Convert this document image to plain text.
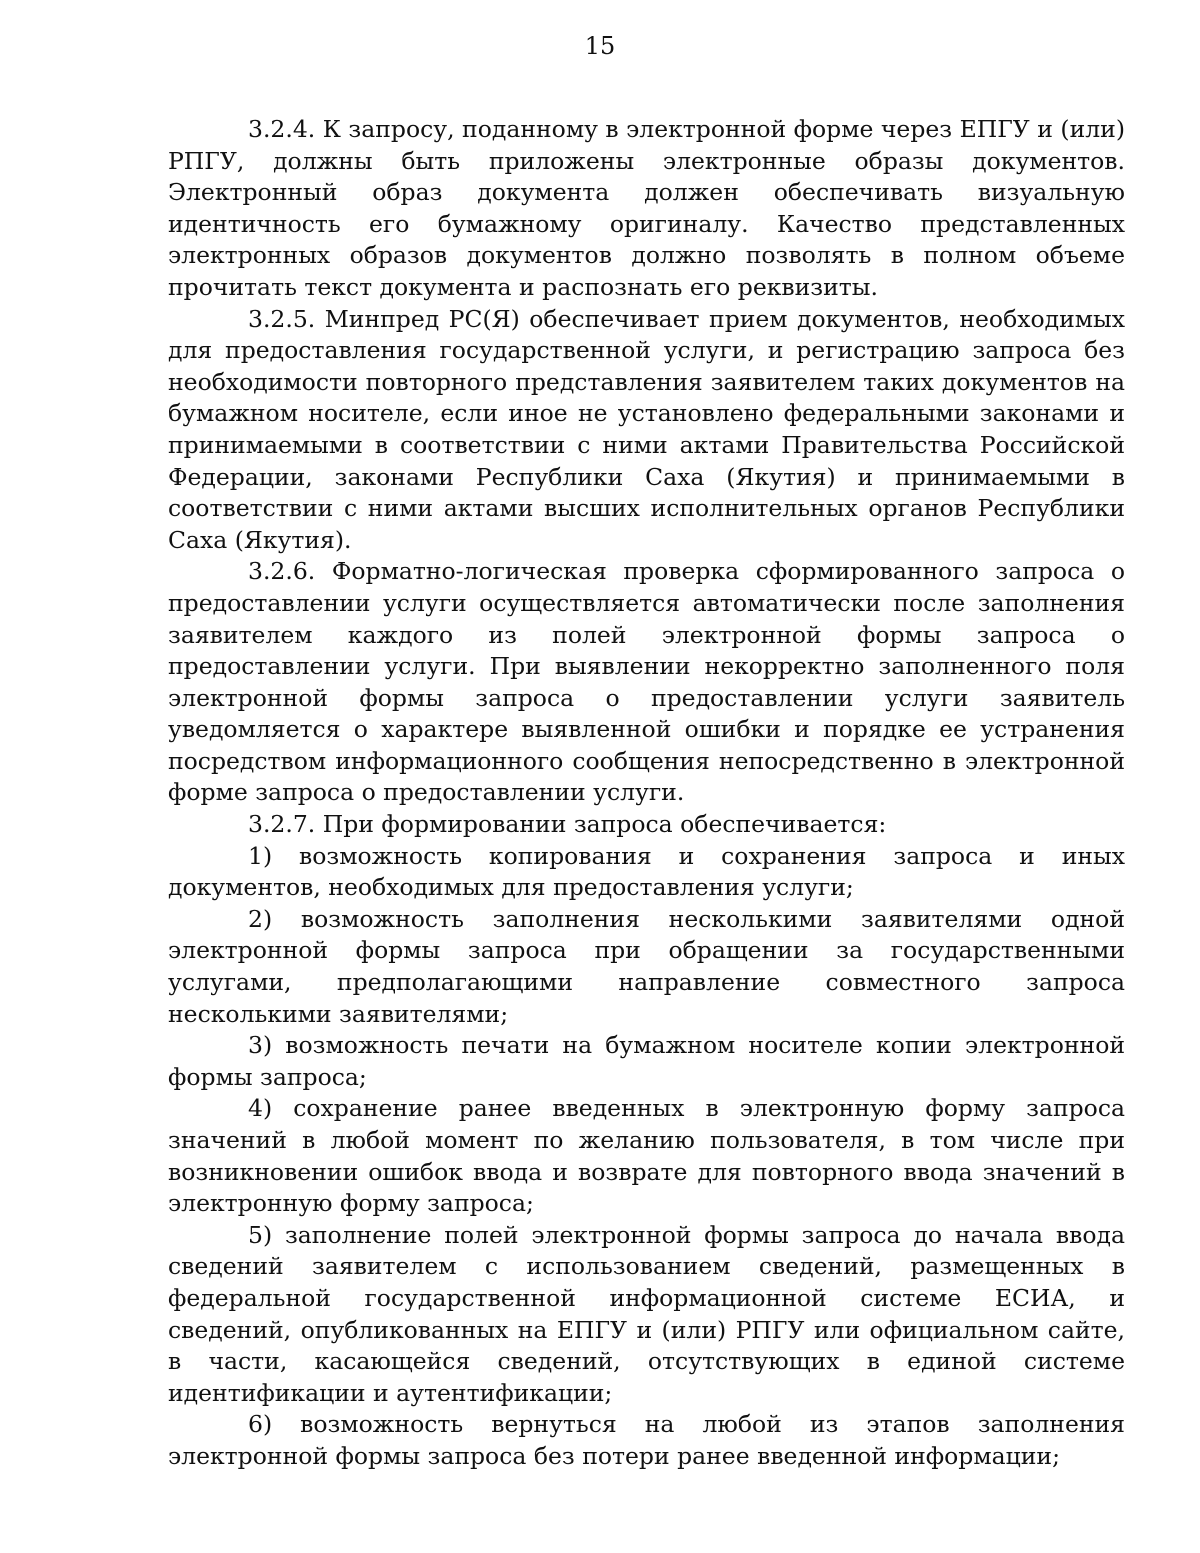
15

3.2.4. К запросу, поданному в электронной форме через ЕПГУ и (или) РПГУ, должны быть приложены электронные образы документов. Электронный образ документа должен обеспечивать визуальную идентичность его бумажному оригиналу. Качество представленных электронных образов документов должно позволять в полном объеме прочитать текст документа и распознать его реквизиты.

3.2.5. Минпред РС(Я) обеспечивает прием документов, необходимых для предоставления государственной услуги, и регистрацию запроса без необходимости повторного представления заявителем таких документов на бумажном носителе, если иное не установлено федеральными законами и принимаемыми в соответствии с ними актами Правительства Российской Федерации, законами Республики Саха (Якутия) и принимаемыми в соответствии с ними актами высших исполнительных органов Республики Саха (Якутия).

3.2.6. Форматно-логическая проверка сформированного запроса о предоставлении услуги осуществляется автоматически после заполнения заявителем каждого из полей электронной формы запроса о предоставлении услуги. При выявлении некорректно заполненного поля электронной формы запроса о предоставлении услуги заявитель уведомляется о характере выявленной ошибки и порядке ее устранения посредством информационного сообщения непосредственно в электронной форме запроса о предоставлении услуги.

3.2.7. При формировании запроса обеспечивается:

1) возможность копирования и сохранения запроса и иных документов, необходимых для предоставления услуги;

2) возможность заполнения несколькими заявителями одной электронной формы запроса при обращении за государственными услугами, предполагающими направление совместного запроса несколькими заявителями;

3) возможность печати на бумажном носителе копии электронной формы запроса;

4) сохранение ранее введенных в электронную форму запроса значений в любой момент по желанию пользователя, в том числе при возникновении ошибок ввода и возврате для повторного ввода значений в электронную форму запроса;

5) заполнение полей электронной формы запроса до начала ввода сведений заявителем с использованием сведений, размещенных в федеральной государственной информационной системе ЕСИА, и сведений, опубликованных на ЕПГУ и (или) РПГУ или официальном сайте, в части, касающейся сведений, отсутствующих в единой системе идентификации и аутентификации;

6) возможность вернуться на любой из этапов заполнения электронной формы запроса без потери ранее введенной информации;
